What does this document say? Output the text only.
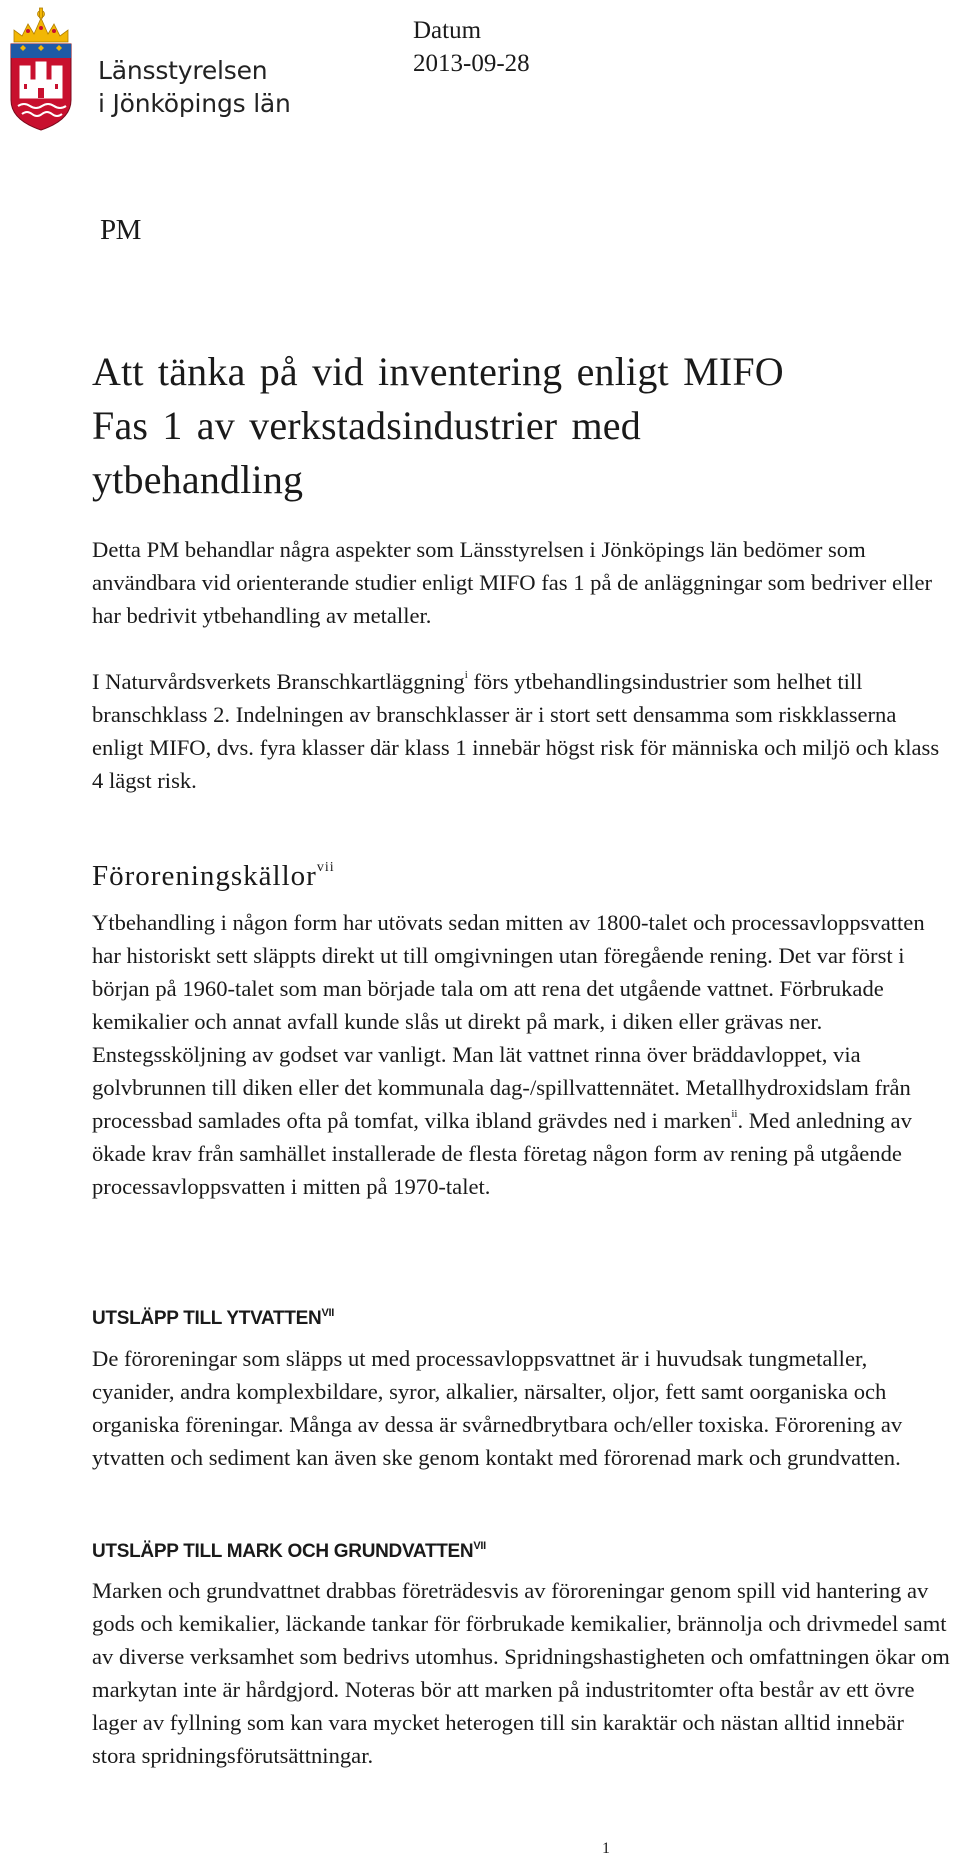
Länsstyrelsen
i Jönköpings län
Datum
2013-09-28
PM
Att tänka på vid inventering enligt MIFO
Fas 1 av verkstadsindustrier med
ytbehandling

Detta PM behandlar några aspekter som Länsstyrelsen i Jönköpings län bedömer som användbara vid orienterande studier enligt MIFO fas 1 på de anläggningar som bedriver eller har bedrivit ytbehandling av metaller.

I Naturvårdsverkets Branschkartläggning$^i$ förs ytbehandlingsindustrier som helhet till branschklass 2. Indelningen av branschklasser är i stort sett densamma som riskklasserna enligt MIFO, dvs. fyra klasser där klass 1 innebär högst risk för människa och miljö och klass 4 lägst risk.

Föroreningskällor$^{vii}$

Ytbehandling i någon form har utövats sedan mitten av 1800-talet och processavloppsvatten har historiskt sett släppts direkt ut till omgivningen utan föregående rening. Det var först i början på 1960-talet som man började tala om att rena det utgående vattnet. Förbrukade kemikalier och annat avfall kunde slås ut direkt på mark, i diken eller grävas ner. Enstegssköljning av godset var vanligt. Man lät vattnet rinna över bräddavloppet, via golvbrunnen till diken eller det kommunala dag-/spillvattennätet. Metallhydroxidslam från processbad samlades ofta på tomfat, vilka ibland grävdes ned i marken$^{ii}$. Med anledning av ökade krav från samhället installerade de flesta företag någon form av rening på utgående processavloppsvatten i mitten på 1970-talet.

UTSLÄPP TILL $YTVATTEN^{VII}$

De föroreningar som släpps ut med processavloppsvattnet är i huvudsak tungmetaller, cyanider, andra komplexbildare, syror, alkalier, närsalter, oljor, fett samt oorganiska och organiska föreningar. Många av dessa är svårnedbrytbara och/eller toxiska. Förorening av ytvatten och sediment kan även ske genom kontakt med förorenad mark och grundvatten.

UTSLÄPP TILL MARK OCH $GRUNDVATTEN^{VII}$

Marken och grundvattnet drabbas företrädesvis av föroreningar genom spill vid hantering av gods och kemikalier, läckande tankar för förbrukade kemikalier, brännolja och drivmedel samt av diverse verksamhet som bedrivs utomhus. Spridningshastigheten och omfattningen ökar om markytan inte är hårdgjord. Noteras bör att marken på industritomter ofta består av ett övre lager av fyllning som kan vara mycket heterogen till sin karaktär och nästan alltid innebär stora spridningsförutsättningar.

1
